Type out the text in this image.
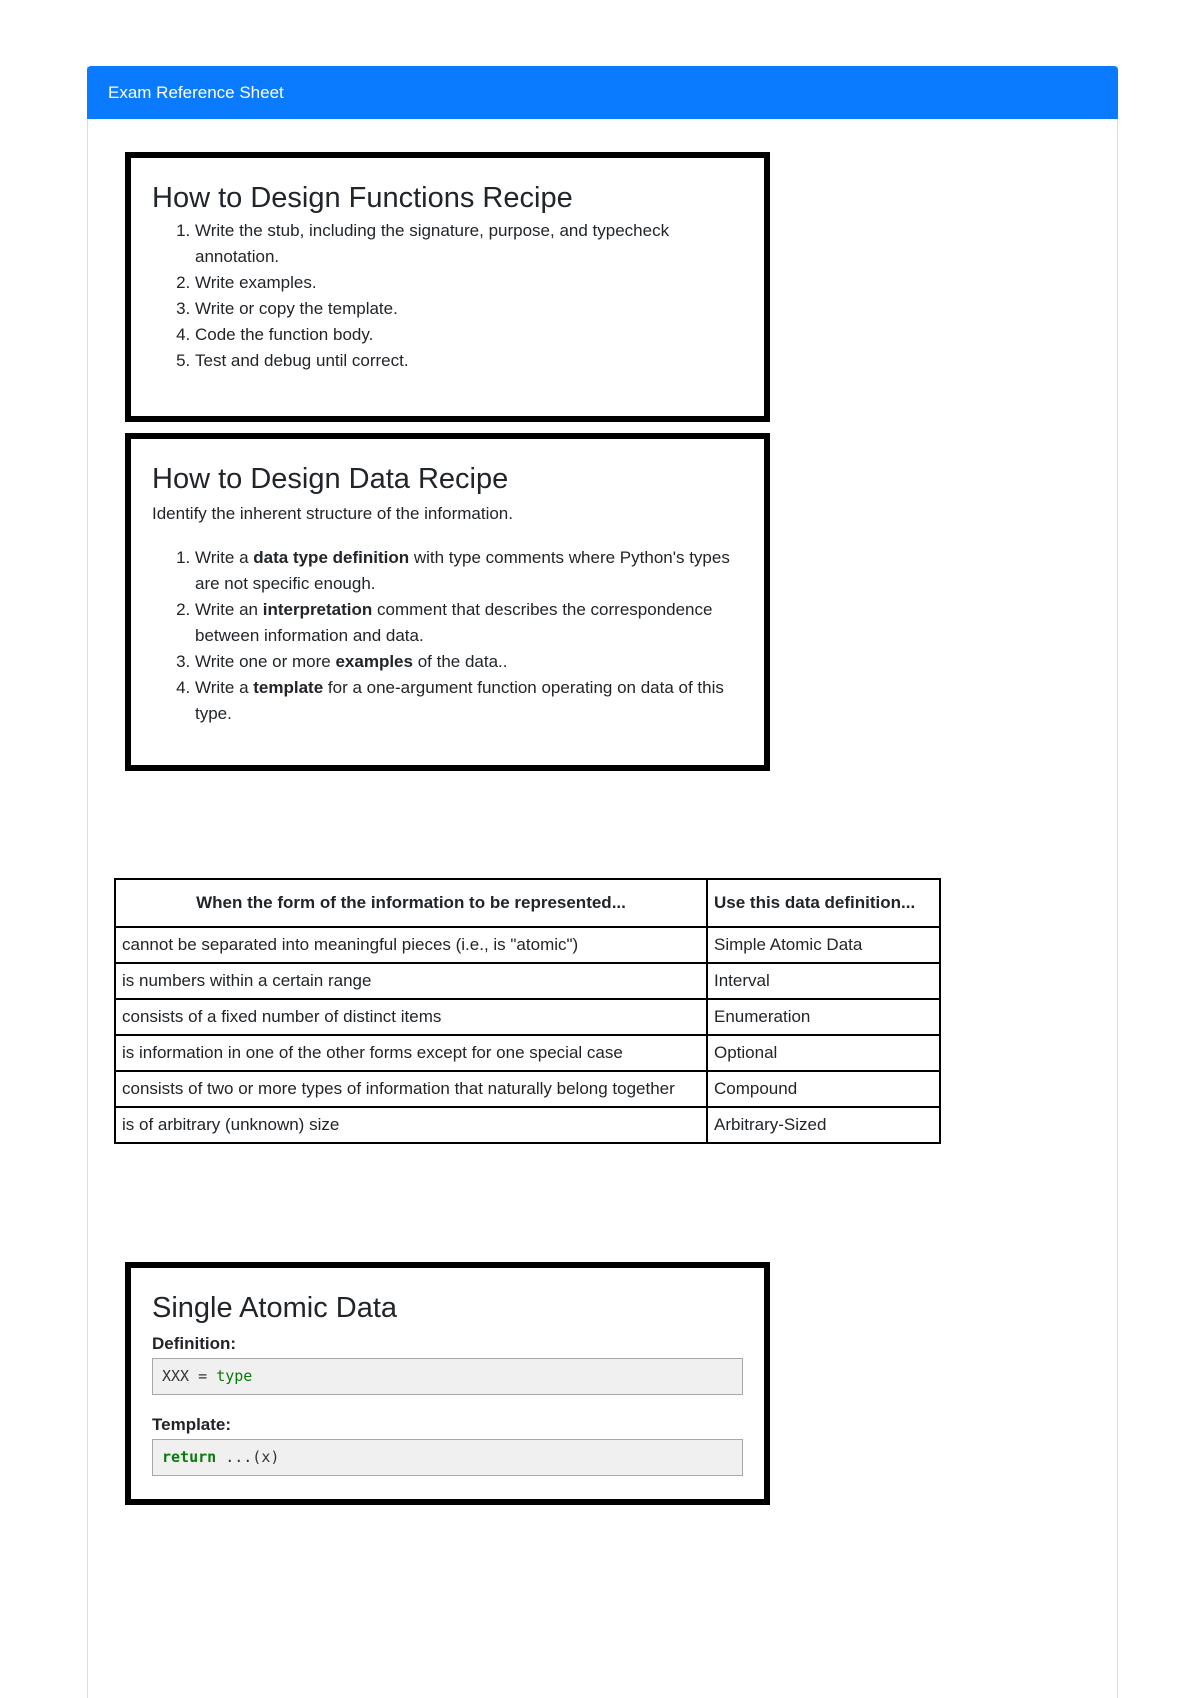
Exam Reference Sheet
How to Design Functions Recipe
1. Write the stub, including the signature, purpose, and typecheck annotation.
2. Write examples.
3. Write or copy the template.
4. Code the function body.
5. Test and debug until correct.
How to Design Data Recipe

Identify the inherent structure of the information.

1. Write a data type definition with type comments where Python's types are not specific enough.
2. Write an interpretation comment that describes the correspondence between information and data.
3. Write one or more examples of the data..
4. Write a template for a one-argument function operating on data of this type.
When the form of the information to be represented...	Use this data definition...
cannot be separated into meaningful pieces (i.e., is "atomic")	Simple Atomic Data
is numbers within a certain range	Interval
consists of a fixed number of distinct items	Enumeration
is information in one of the other forms except for one special case	Optional
consists of two or more types of information that naturally belong together	Compound
is of arbitrary (unknown) size	Arbitrary-Sized
Single Atomic Data
Definition:
XXX = type
Template:
return ...(x)
